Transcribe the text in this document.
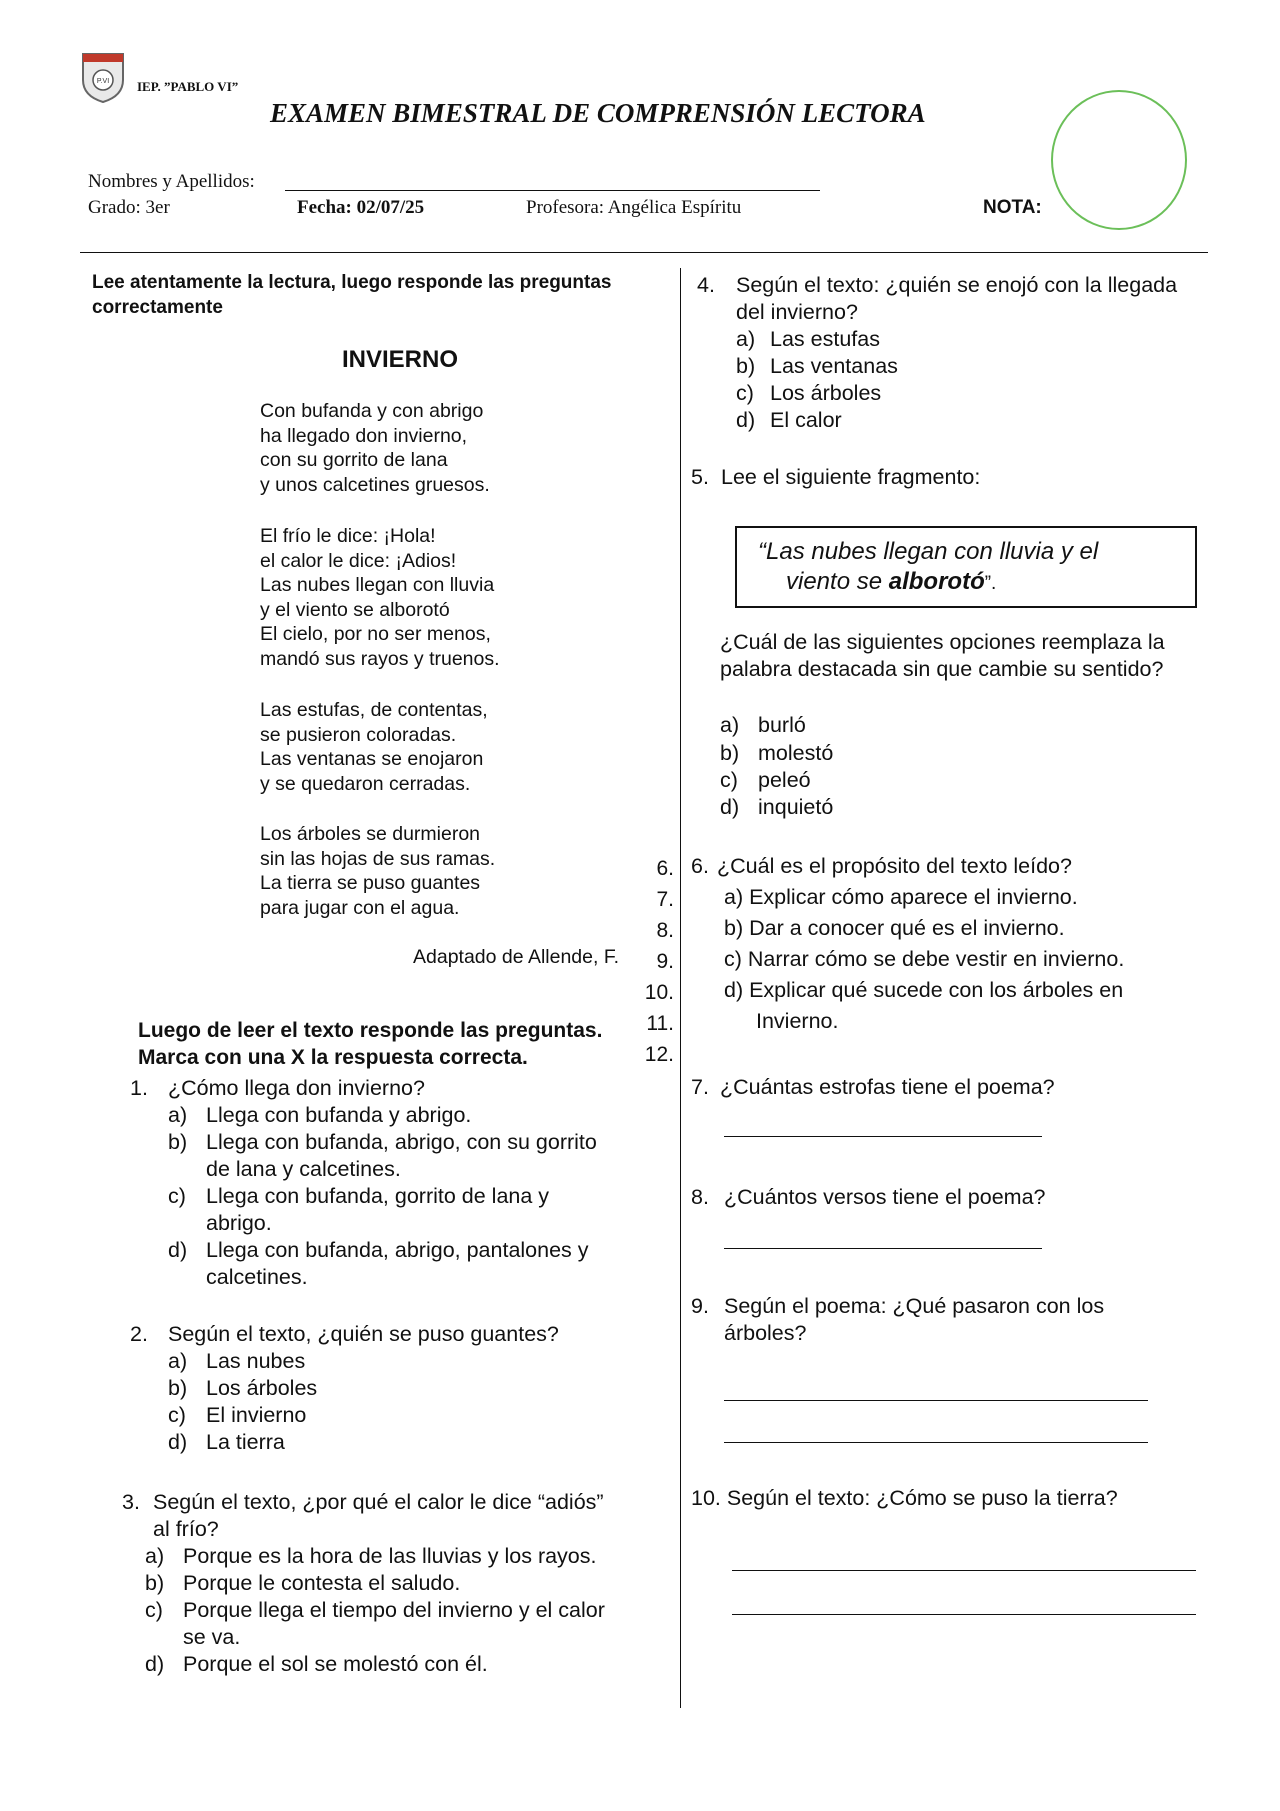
P.VI IEP. ”PABLO VI”
EXAMEN BIMESTRAL DE COMPRENSIÓN LECTORA
Nombres y Apellidos:
Grado: 3er	Fecha: 02/07/25	Profesora: Angélica Espíritu	NOTA:
Lee atentamente la lectura, luego responde las preguntas
correctamente
INVIERNO
Con bufanda y con abrigo
ha llegado don invierno,
con su gorrito de lana
y unos calcetines gruesos.
El frío le dice: ¡Hola!
el calor le dice: ¡Adios!
Las nubes llegan con lluvia
y el viento se alborotó
El cielo, por no ser menos,
mandó sus rayos y truenos.
Las estufas, de contentas,
se pusieron coloradas.
Las ventanas se enojaron
y se quedaron cerradas.
Los árboles se durmieron
sin las hojas de sus ramas.
La tierra se puso guantes
para jugar con el agua.
Adaptado de Allende, F.
Luego de leer el texto responde las preguntas.
Marca con una X la respuesta correcta.
6.
7.
8.
9.
10.
11.
12.
1. ¿Cómo llega don invierno?
a) Llega con bufanda y abrigo.
b) Llega con bufanda, abrigo, con su gorrito
de lana y calcetines.
c) Llega con bufanda, gorrito de lana y
abrigo.
d) Llega con bufanda, abrigo, pantalones y
calcetines.
2. Según el texto, ¿quién se puso guantes?
a) Las nubes
b) Los árboles
c) El invierno
d) La tierra
3. Según el texto, ¿por qué el calor le dice “adiós”
al frío?
a) Porque es la hora de las lluvias y los rayos.
b) Porque le contesta el saludo.
c) Porque llega el tiempo del invierno y el calor
se va.
d) Porque el sol se molestó con él.
4. Según el texto: ¿quién se enojó con la llegada
del invierno?
a) Las estufas
b) Las ventanas
c) Los árboles
d) El calor
5. Lee el siguiente fragmento:
“Las nubes llegan con lluvia y el
viento se alborotó”.
¿Cuál de las siguientes opciones reemplaza la
palabra destacada sin que cambie su sentido?
a) burló
b) molestó
c) peleó
d) inquietó
6. ¿Cuál es el propósito del texto leído?
a) Explicar cómo aparece el invierno.
b) Dar a conocer qué es el invierno.
c) Narrar cómo se debe vestir en invierno.
d) Explicar qué sucede con los árboles en
Invierno.
7. ¿Cuántas estrofas tiene el poema?
8. ¿Cuántos versos tiene el poema?
9. Según el poema: ¿Qué pasaron con los
árboles?
10. Según el texto: ¿Cómo se puso la tierra?
